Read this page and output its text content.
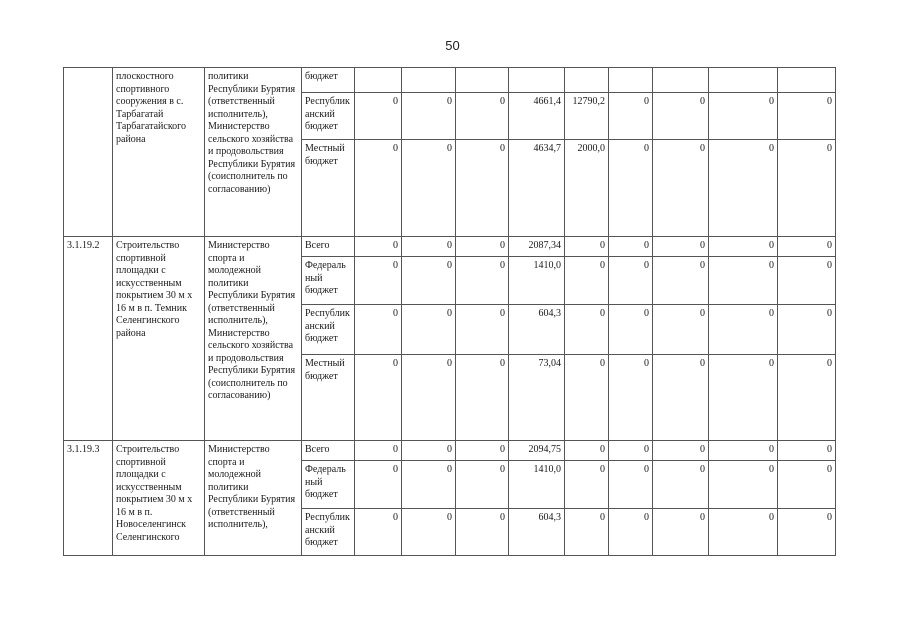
50
	плоскостного спортивного сооружения в с. Тарбагатай Тарбагатайского района	политики Республики Бурятия (ответственный исполнитель), Министерство сельского хозяйства и продовольствия Республики Бурятия (соисполнитель по согласованию)	бюджет									
			Республиканский бюджет	0	0	0	4661,4	12790,2	0	0	0	0
			Местный бюджет	0	0	0	4634,7	2000,0	0	0	0	0
3.1.19.2	Строительство спортивной площадки с искусственным покрытием 30 м х 16 м в п. Темник Селенгинского района	Министерство спорта и молодежной политики Республики Бурятия (ответственный исполнитель), Министерство сельского хозяйства и продовольствия Республики Бурятия (соисполнитель по согласованию)	Всего	0	0	0	2087,34	0	0	0	0	0
			Федеральный бюджет	0	0	0	1410,0	0	0	0	0	0
			Республиканский бюджет	0	0	0	604,3	0	0	0	0	0
			Местный бюджет	0	0	0	73,04	0	0	0	0	0
3.1.19.3	Строительство спортивной площадки с искусственным покрытием 30 м х 16 м в п. Новоселенгинск Селенгинского	Министерство спорта и молодежной политики Республики Бурятия (ответственный исполнитель),	Всего	0	0	0	2094,75	0	0	0	0	0
			Федеральный бюджет	0	0	0	1410,0	0	0	0	0	0
			Республиканский бюджет	0	0	0	604,3	0	0	0	0	0
